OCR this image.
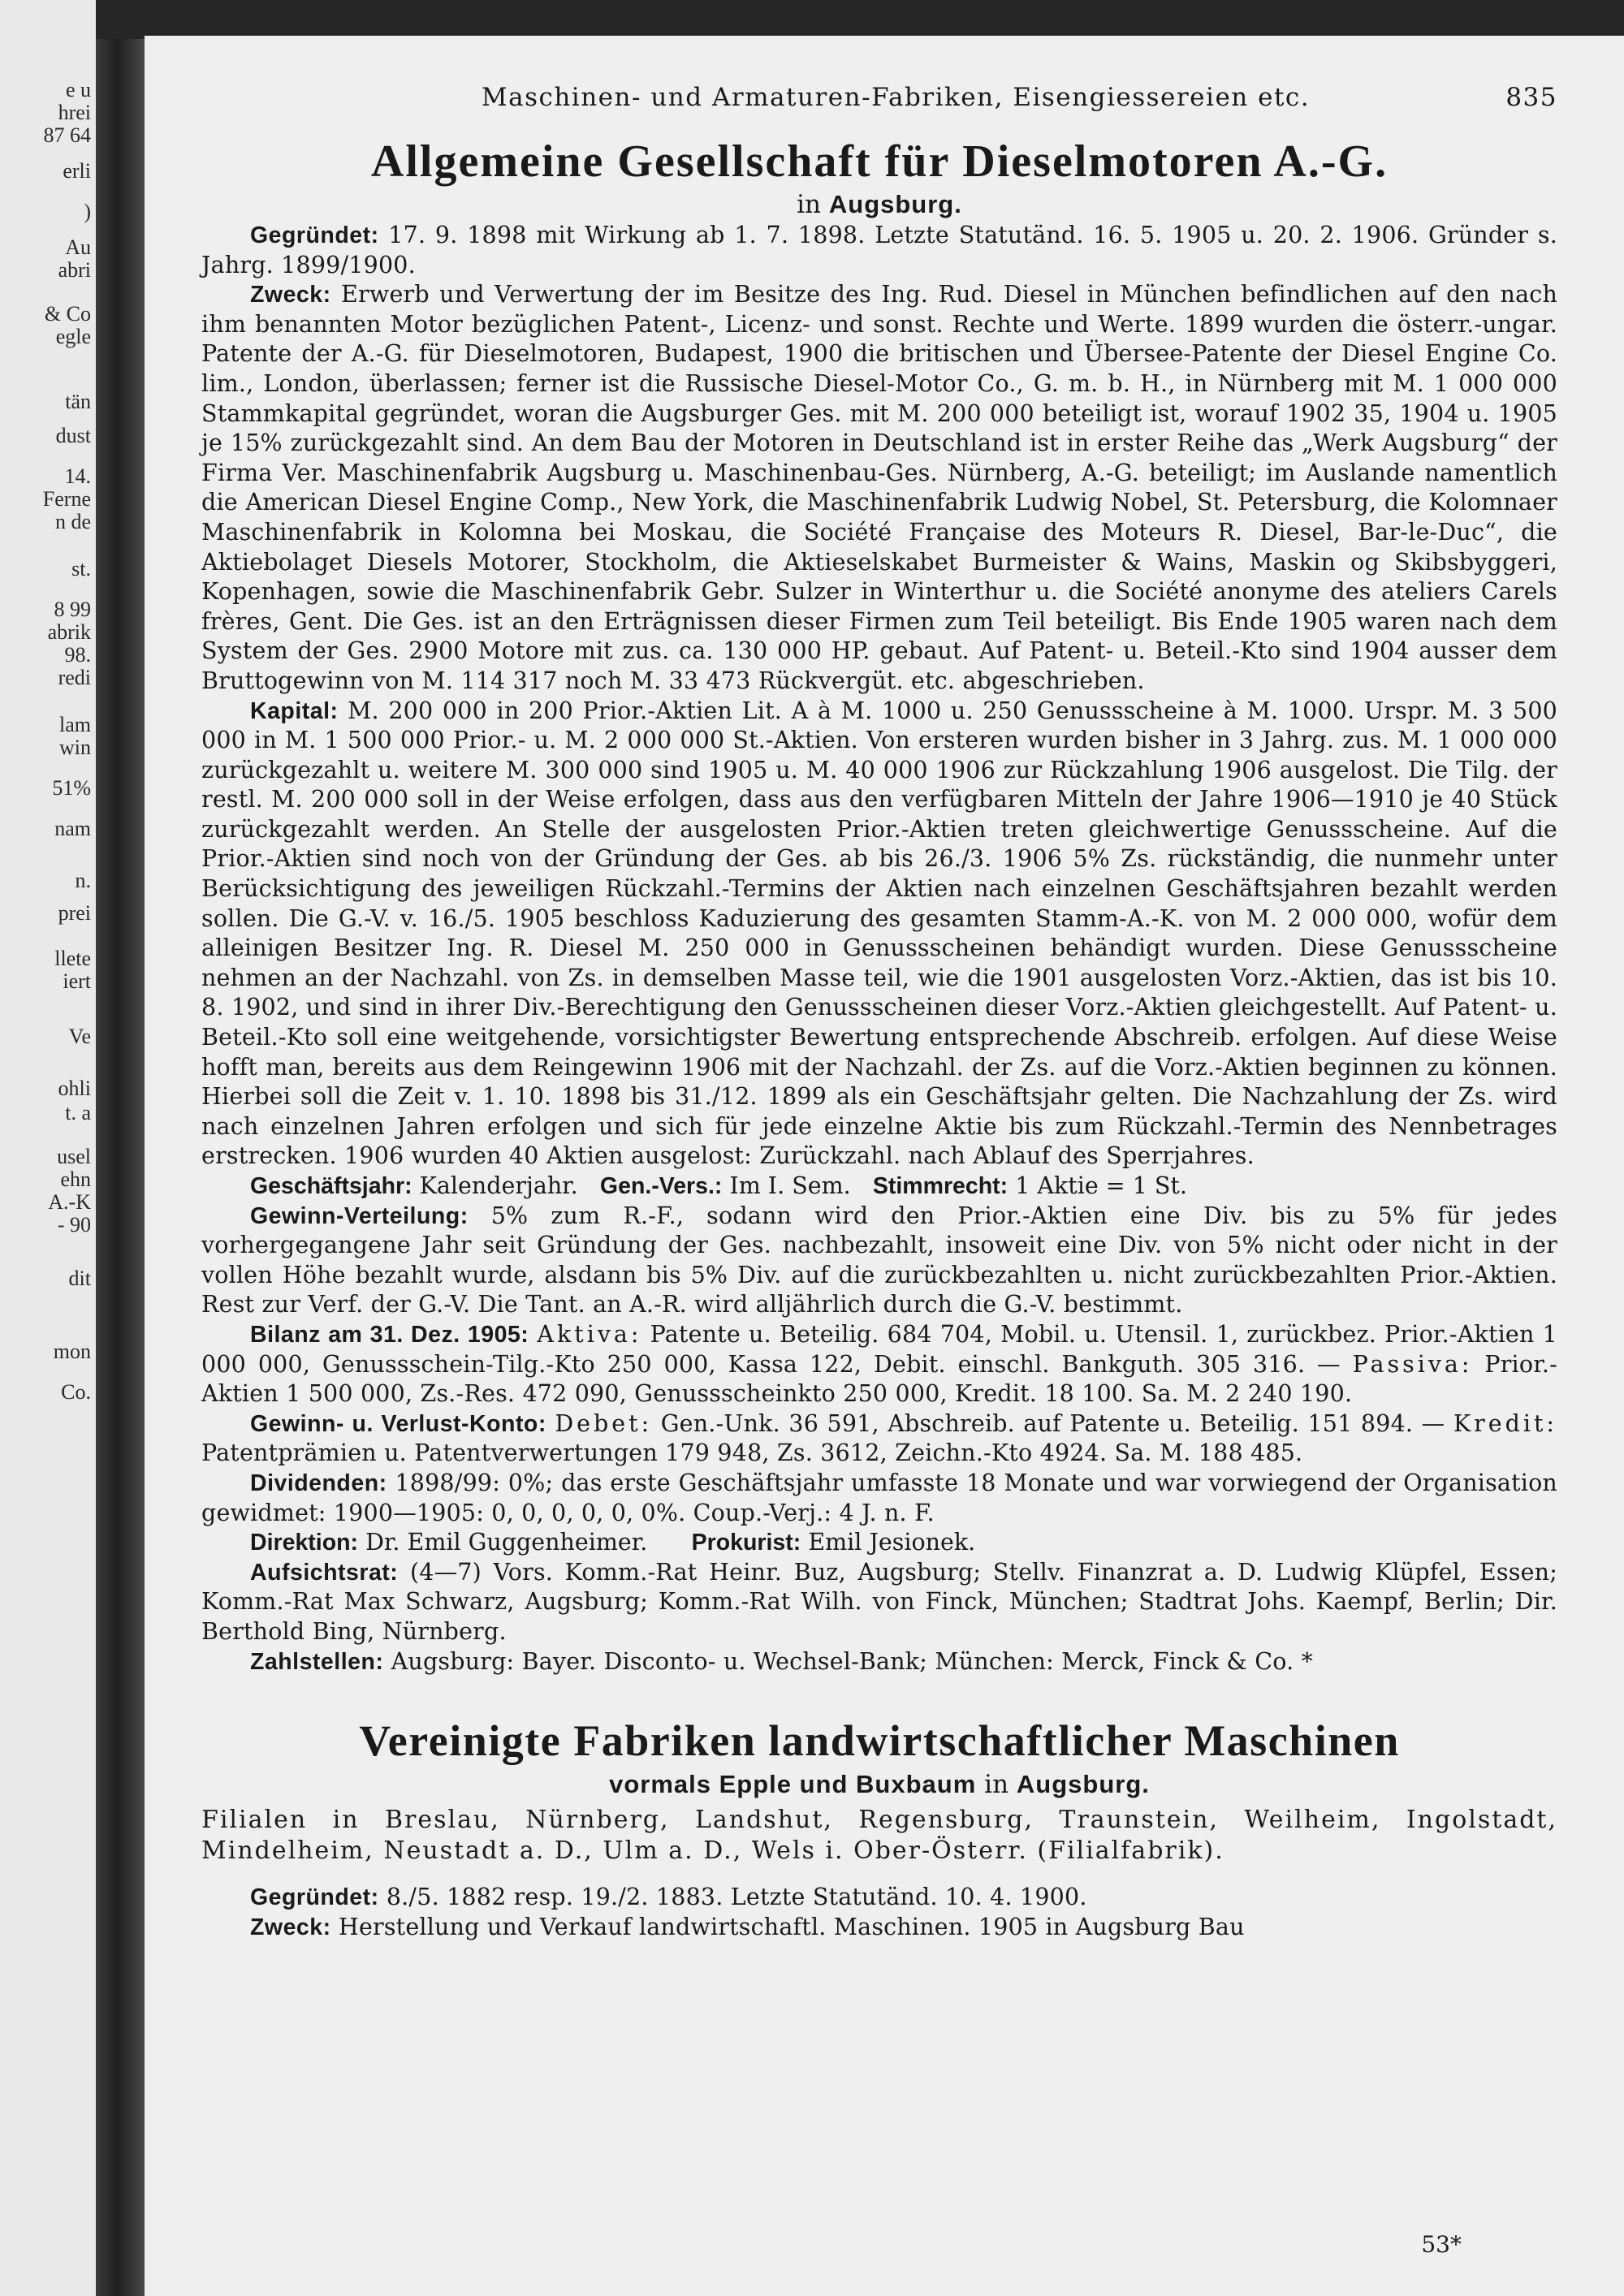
e u
hrei
87 64
erli
)
Au
abri
& Co
egle
tän
dust
14.
Ferne
n de
st.
8 99
abrik
98.
redi
lam
win
51%
nam
n.
prei
llete
iert
Ve
ohli
t. a
usel
ehn
A.-K
- 90
dit
mon
Co.
Maschinen- und Armaturen-Fabriken, Eisengiessereien etc.	835
Allgemeine Gesellschaft für Dieselmotoren A.-G.
in Augsburg.

Gegründet: 17. 9. 1898 mit Wirkung ab 1. 7. 1898. Letzte Statutänd. 16. 5. 1905 u. 20. 2. 1906. Gründer s. Jahrg. 1899/1900.

Zweck: Erwerb und Verwertung der im Besitze des Ing. Rud. Diesel in München befindlichen auf den nach ihm benannten Motor bezüglichen Patent-, Licenz- und sonst. Rechte und Werte. 1899 wurden die österr.-ungar. Patente der A.-G. für Dieselmotoren, Budapest, 1900 die britischen und Übersee-Patente der Diesel Engine Co. lim., London, überlassen; ferner ist die Russische Diesel-Motor Co., G. m. b. H., in Nürnberg mit M. 1 000 000 Stammkapital gegründet, woran die Augsburger Ges. mit M. 200 000 beteiligt ist, worauf 1902 35, 1904 u. 1905 je 15% zurückgezahlt sind. An dem Bau der Motoren in Deutschland ist in erster Reihe das „Werk Augsburg“ der Firma Ver. Maschinenfabrik Augsburg u. Maschinenbau-Ges. Nürnberg, A.-G. beteiligt; im Auslande namentlich die American Diesel Engine Comp., New York, die Maschinenfabrik Ludwig Nobel, St. Petersburg, die Kolomnaer Maschinenfabrik in Kolomna bei Moskau, die Société Française des Moteurs R. Diesel, Bar-le-Duc“, die Aktiebolaget Diesels Motorer, Stockholm, die Aktieselskabet Burmeister & Wains, Maskin og Skibsbyggeri, Kopenhagen, sowie die Maschinenfabrik Gebr. Sulzer in Winterthur u. die Société anonyme des ateliers Carels frères, Gent. Die Ges. ist an den Erträgnissen dieser Firmen zum Teil beteiligt. Bis Ende 1905 waren nach dem System der Ges. 2900 Motore mit zus. ca. 130 000 HP. gebaut. Auf Patent- u. Beteil.-Kto sind 1904 ausser dem Bruttogewinn von M. 114 317 noch M. 33 473 Rückvergüt. etc. abgeschrieben.

Kapital: M. 200 000 in 200 Prior.-Aktien Lit. A à M. 1000 u. 250 Genussscheine à M. 1000. Urspr. M. 3 500 000 in M. 1 500 000 Prior.- u. M. 2 000 000 St.-Aktien. Von ersteren wurden bisher in 3 Jahrg. zus. M. 1 000 000 zurückgezahlt u. weitere M. 300 000 sind 1905 u. M. 40 000 1906 zur Rückzahlung 1906 ausgelost. Die Tilg. der restl. M. 200 000 soll in der Weise erfolgen, dass aus den verfügbaren Mitteln der Jahre 1906—1910 je 40 Stück zurückgezahlt werden. An Stelle der ausgelosten Prior.-Aktien treten gleichwertige Genussscheine. Auf die Prior.-Aktien sind noch von der Gründung der Ges. ab bis 26./3. 1906 5% Zs. rückständig, die nunmehr unter Berücksichtigung des jeweiligen Rückzahl.-Termins der Aktien nach einzelnen Geschäftsjahren bezahlt werden sollen. Die G.-V. v. 16./5. 1905 beschloss Kaduzierung des gesamten Stamm-A.-K. von M. 2 000 000, wofür dem alleinigen Besitzer Ing. R. Diesel M. 250 000 in Genussscheinen behändigt wurden. Diese Genussscheine nehmen an der Nachzahl. von Zs. in demselben Masse teil, wie die 1901 ausgelosten Vorz.-Aktien, das ist bis 10. 8. 1902, und sind in ihrer Div.-Berechtigung den Genussscheinen dieser Vorz.-Aktien gleichgestellt. Auf Patent- u. Beteil.-Kto soll eine weitgehende, vorsichtigster Bewertung entsprechende Abschreib. erfolgen. Auf diese Weise hofft man, bereits aus dem Reingewinn 1906 mit der Nachzahl. der Zs. auf die Vorz.-Aktien beginnen zu können. Hierbei soll die Zeit v. 1. 10. 1898 bis 31./12. 1899 als ein Geschäftsjahr gelten. Die Nachzahlung der Zs. wird nach einzelnen Jahren erfolgen und sich für jede einzelne Aktie bis zum Rückzahl.-Termin des Nennbetrages erstrecken. 1906 wurden 40 Aktien ausgelost: Zurückzahl. nach Ablauf des Sperrjahres.

Geschäftsjahr:
Kalenderjahr.
Gen.-Vers.:
Im I. Sem.
Stimmrecht:
1 Aktie = 1 St.

Gewinn-Verteilung: 5% zum R.-F., sodann wird den Prior.-Aktien eine Div. bis zu 5% für jedes vorhergegangene Jahr seit Gründung der Ges. nachbezahlt, insoweit eine Div. von 5% nicht oder nicht in der vollen Höhe bezahlt wurde, alsdann bis 5% Div. auf die zurückbezahlten u. nicht zurückbezahlten Prior.-Aktien. Rest zur Verf. der G.-V. Die Tant. an A.-R. wird alljährlich durch die G.-V. bestimmt.

Bilanz am 31. Dez. 1905: Aktiva: Patente u. Beteilig. 684 704, Mobil. u. Utensil. 1, zurückbez. Prior.-Aktien 1 000 000, Genussschein-Tilg.-Kto 250 000, Kassa 122, Debit. einschl. Bankguth. 305 316. — Passiva: Prior.-Aktien 1 500 000, Zs.-Res. 472 090, Genussscheinkto 250 000, Kredit. 18 100. Sa. M. 2 240 190.

Gewinn- u. Verlust-Konto: Debet: Gen.-Unk. 36 591, Abschreib. auf Patente u. Beteilig. 151 894. — Kredit: Patentprämien u. Patentverwertungen 179 948, Zs. 3612, Zeichn.-Kto 4924. Sa. M. 188 485.

Dividenden: 1898/99: 0%; das erste Geschäftsjahr umfasste 18 Monate und war vorwiegend der Organisation gewidmet: 1900—1905: 0, 0, 0, 0, 0, 0%. Coup.-Verj.: 4 J. n. F.

Direktion:
Dr. Emil Guggenheimer.
Prokurist:
Emil Jesionek.

Aufsichtsrat: (4—7) Vors. Komm.-Rat Heinr. Buz, Augsburg; Stellv. Finanzrat a. D. Ludwig Klüpfel, Essen; Komm.-Rat Max Schwarz, Augsburg; Komm.-Rat Wilh. von Finck, München; Stadtrat Johs. Kaempf, Berlin; Dir. Berthold Bing, Nürnberg.

Zahlstellen: Augsburg: Bayer. Disconto- u. Wechsel-Bank; München: Merck, Finck & Co. *

Vereinigte Fabriken landwirtschaftlicher Maschinen
vormals Epple und Buxbaum in Augsburg.
Filialen in Breslau, Nürnberg, Landshut, Regensburg, Traunstein, Weilheim, Ingolstadt, Mindelheim, Neustadt a. D., Ulm a. D., Wels i. Ober-Österr. (Filialfabrik).

Gegründet: 8./5. 1882 resp. 19./2. 1883. Letzte Statutänd. 10. 4. 1900.

Zweck: Herstellung und Verkauf landwirtschaftl. Maschinen. 1905 in Augsburg Bau

53*
